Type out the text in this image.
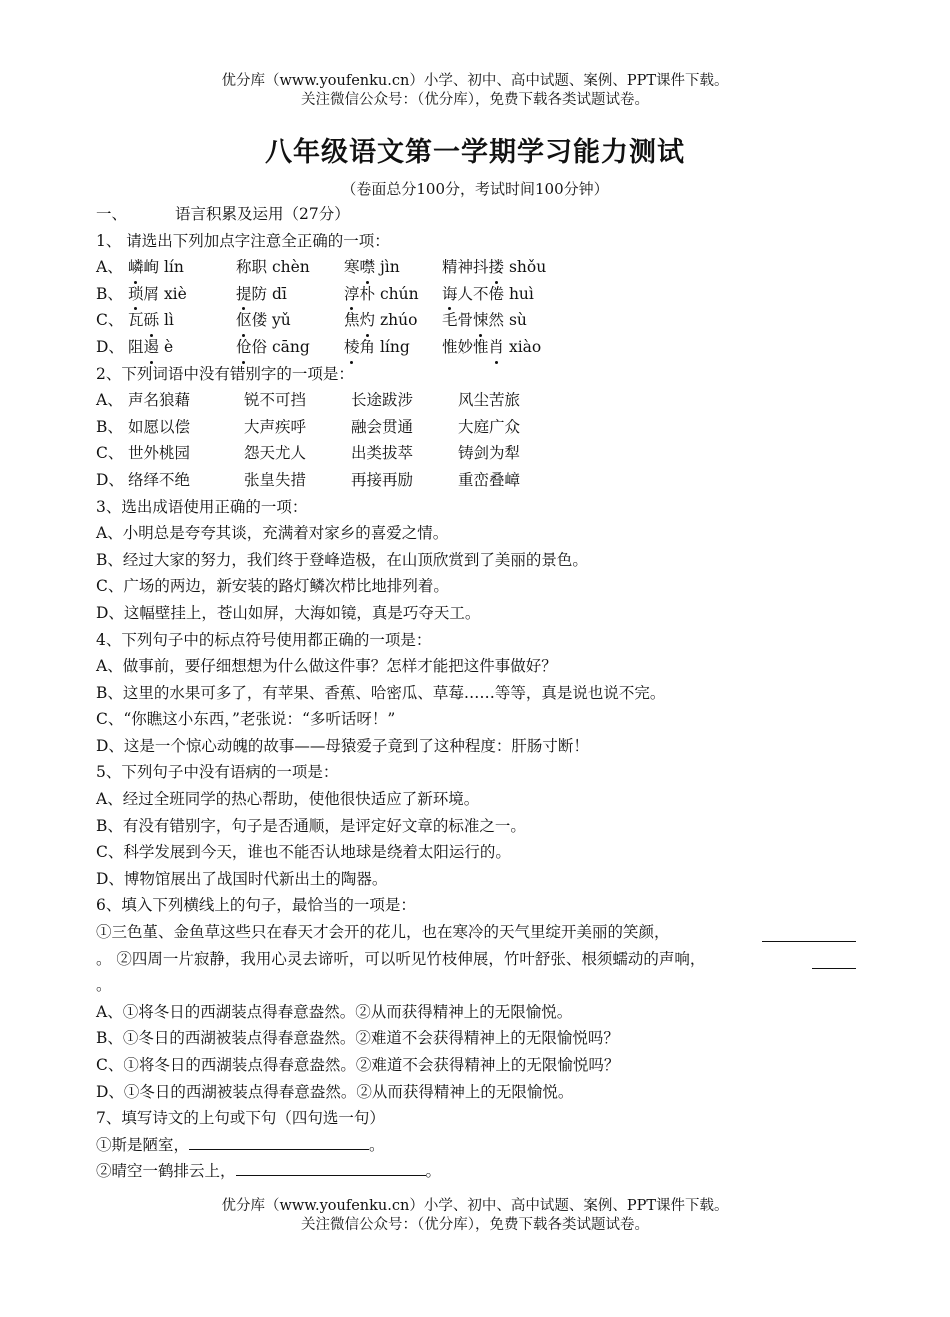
优分库（www.youfenku.cn）小学、初中、高中试题、案例、PPT课件下载。
关注微信公众号：（优分库），免费下载各类试题试卷。
八年级语文第一学期学习能力测试
（卷面总分100分，考试时间100分钟）
一、	语言积累及运用（27分）
1、 请选出下列加点字注意全正确的一项：
A、 嶙峋 lín	称职 chèn 寒噤 jìn	精神抖搂 shǒu
B、 琐屑 xiè	提防 dī	淳朴 chún 诲人不倦 huì
C、 瓦砾 lì	伛偻 yǔ	焦灼 zhúo 毛骨悚然 sù
D、 阻遏 è	伧俗 cāng 棱角 líng 惟妙惟肖 xiào
2、下列词语中没有错别字的一项是：
A、 声名狼藉	锐不可挡	长途跋涉	风尘苦旅
B、 如愿以偿	大声疾呼	融会贯通	大庭广众
C、 世外桃园	怨天尤人	出类拔萃	铸剑为犁
D、 络绎不绝	张皇失措	再接再励	重峦叠嶂
3、选出成语使用正确的一项：
A、小明总是夸夸其谈，充满着对家乡的喜爱之情。
B、经过大家的努力，我们终于登峰造极，在山顶欣赏到了美丽的景色。
C、广场的两边，新安装的路灯鳞次栉比地排列着。
D、这幅壁挂上，苍山如屏，大海如镜，真是巧夺天工。
4、下列句子中的标点符号使用都正确的一项是：
A、做事前，要仔细想想为什么做这件事？怎样才能把这件事做好？
B、这里的水果可多了，有苹果、香蕉、哈密瓜、草莓……等等，真是说也说不完。
C、“你瞧这小东西，”老张说：“多听话呀！”
D、这是一个惊心动魄的故事——母猿爱子竟到了这种程度：肝肠寸断！
5、下列句子中没有语病的一项是：
A、经过全班同学的热心帮助，使他很快适应了新环境。
B、有没有错别字，句子是否通顺，是评定好文章的标准之一。
C、科学发展到今天，谁也不能否认地球是绕着太阳运行的。
D、博物馆展出了战国时代新出土的陶器。
6、填入下列横线上的句子，最恰当的一项是：
①三色堇、金鱼草这些只在春天才会开的花儿，也在寒冷的天气里绽开美丽的笑颜，
。 ②四周一片寂静，我用心灵去谛听，可以听见竹枝伸展，竹叶舒张、根须蠕动的声响，
。
A、①将冬日的西湖装点得春意盎然。②从而获得精神上的无限愉悦。
B、①冬日的西湖被装点得春意盎然。②难道不会获得精神上的无限愉悦吗？
C、①将冬日的西湖装点得春意盎然。②难道不会获得精神上的无限愉悦吗？
D、①冬日的西湖被装点得春意盎然。②从而获得精神上的无限愉悦。
7、填写诗文的上句或下句（四句选一句）
①斯是陋室，	。
②晴空一鹤排云上，	。
优分库（www.youfenku.cn）小学、初中、高中试题、案例、PPT课件下载。
关注微信公众号：（优分库），免费下载各类试题试卷。
